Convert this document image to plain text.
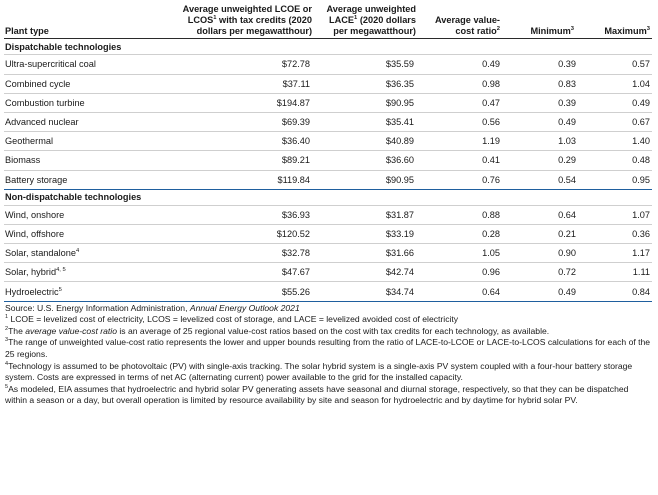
Plant type	Average unweighted LCOE or LCOS$^1$ with tax credits (2020 dollars per megawatthour)	Average unweighted LACE$^1$ (2020 dollars per megawatthour)	Average value-cost ratio$^2$	Minimum$^3$	Maximum$^3$
Dispatchable technologies					
Ultra-supercritical coal	$72.78	$35.59	0.49	0.39	0.57
Combined cycle	$37.11	$36.35	0.98	0.83	1.04
Combustion turbine	$194.87	$90.95	0.47	0.39	0.49
Advanced nuclear	$69.39	$35.41	0.56	0.49	0.67
Geothermal	$36.40	$40.89	1.19	1.03	1.40
Biomass	$89.21	$36.60	0.41	0.29	0.48
Battery storage	$119.84	$90.95	0.76	0.54	0.95
Non-dispatchable technologies					
Wind, onshore	$36.93	$31.87	0.88	0.64	1.07
Wind, offshore	$120.52	$33.19	0.28	0.21	0.36
Solar, standalone$^4$	$32.78	$31.66	1.05	0.90	1.17
Solar, hybrid$^{4, 5}$	$47.67	$42.74	0.96	0.72	1.11
Hydroelectric$^5$	$55.26	$34.74	0.64	0.49	0.84

Source: U.S. Energy Information Administration, Annual Energy Outlook 2021

$^1$ LCOE = levelized cost of electricity, LCOS = levelized cost of storage, and LACE = levelized avoided cost of electricity

$^2$The average value-cost ratio is an average of 25 regional value-cost ratios based on the cost with tax credits for each technology, as available.

$^3$The range of unweighted value-cost ratio represents the lower and upper bounds resulting from the ratio of LACE-to-LCOE or LACE-to-LCOS calculations for each of the 25 regions.

$^4$Technology is assumed to be photovoltaic (PV) with single-axis tracking. The solar hybrid system is a single-axis PV system coupled with a four-hour battery storage system. Costs are expressed in terms of net AC (alternating current) power available to the grid for the installed capacity.

$^5$As modeled, EIA assumes that hydroelectric and hybrid solar PV generating assets have seasonal and diurnal storage, respectively, so that they can be dispatched within a season or a day, but overall operation is limited by resource availability by site and season for hydroelectric and by daytime for hybrid solar PV.
